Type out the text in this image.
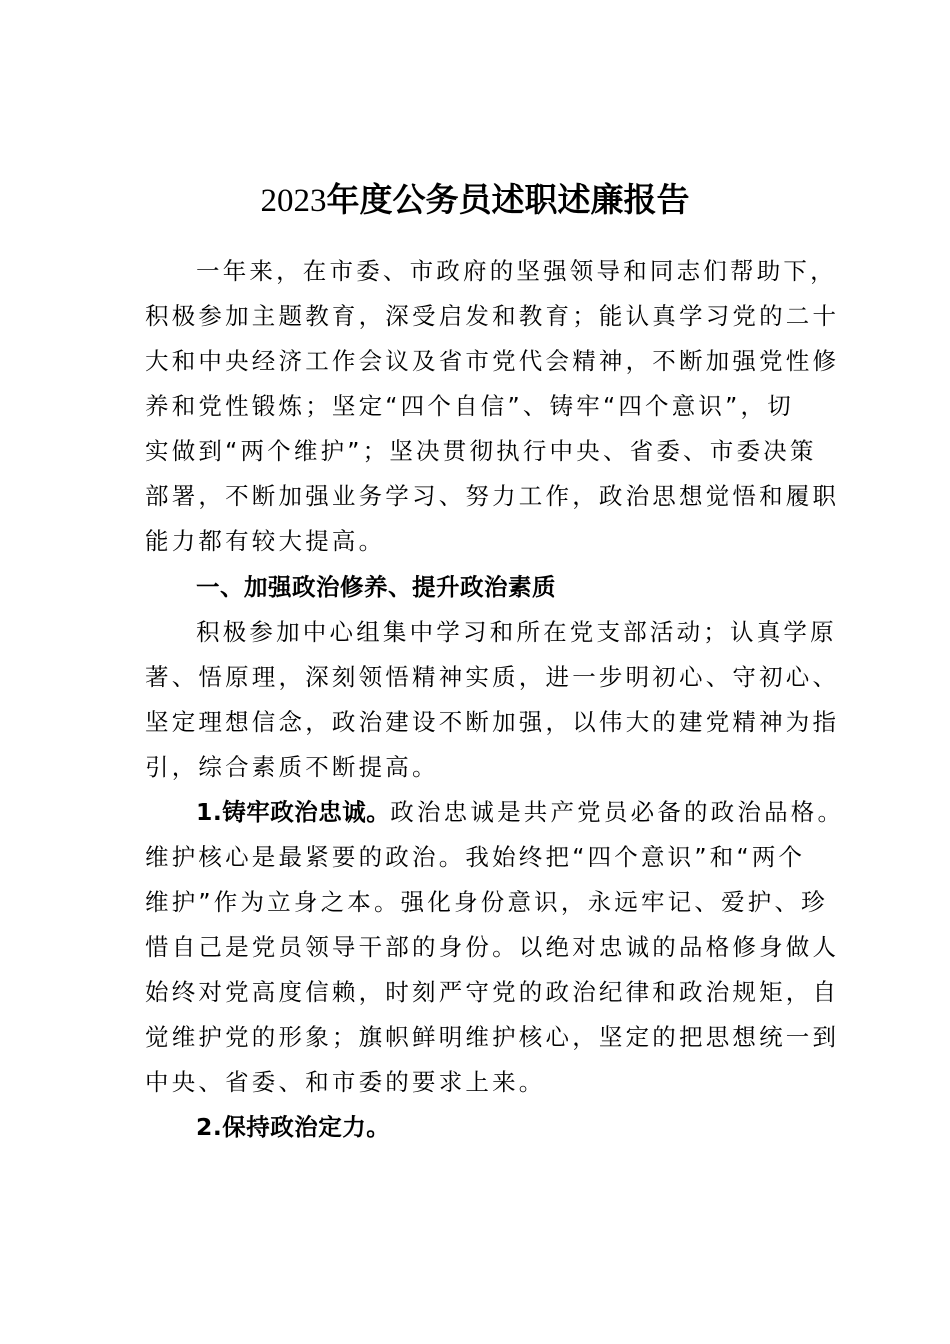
2023年度公务员述职述廉报告
一年来，在市委、市政府的坚强领导和同志们帮助下，
积极参加主题教育，深受启发和教育；能认真学习党的二十
大和中央经济工作会议及省市党代会精神，不断加强党性修
养和党性锻炼；坚定“四个自信”、铸牢“四个意识”，切
实做到“两个维护”；坚决贯彻执行中央、省委、市委决策
部署，不断加强业务学习、努力工作，政治思想觉悟和履职
能力都有较大提高。
一、加强政治修养、提升政治素质
积极参加中心组集中学习和所在党支部活动；认真学原
著、悟原理，深刻领悟精神实质，进一步明初心、守初心、
坚定理想信念，政治建设不断加强，以伟大的建党精神为指
引，综合素质不断提高。
1.铸牢政治忠诚。政治忠诚是共产党员必备的政治品格。
维护核心是最紧要的政治。我始终把“四个意识”和“两个
维护”作为立身之本。强化身份意识，永远牢记、爱护、珍
惜自己是党员领导干部的身份。以绝对忠诚的品格修身做人
始终对党高度信赖，时刻严守党的政治纪律和政治规矩，自
觉维护党的形象；旗帜鲜明维护核心，坚定的把思想统一到
中央、省委、和市委的要求上来。
2.保持政治定力。
